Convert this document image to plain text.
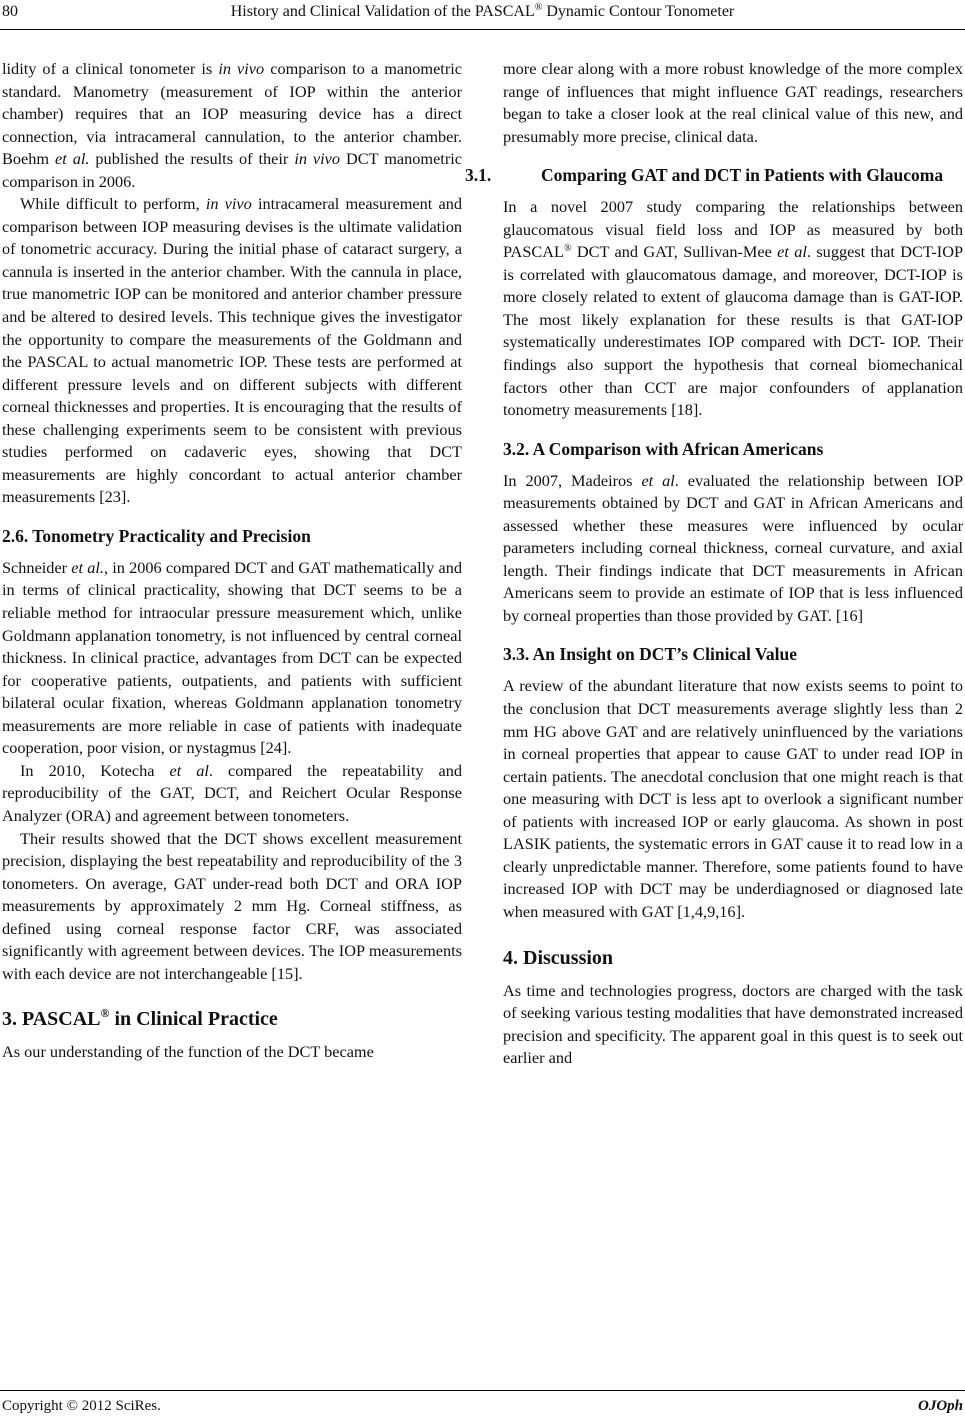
80	History and Clinical Validation of the PASCAL® Dynamic Contour Tonometer

lidity of a clinical tonometer is in vivo comparison to a manometric standard. Manometry (measurement of IOP within the anterior chamber) requires that an IOP measuring device has a direct connection, via intracameral cannulation, to the anterior chamber. Boehm et al. published the results of their in vivo DCT manometric comparison in 2006.

While difficult to perform, in vivo intracameral measurement and comparison between IOP measuring devises is the ultimate validation of tonometric accuracy. During the initial phase of cataract surgery, a cannula is inserted in the anterior chamber. With the cannula in place, true manometric IOP can be monitored and anterior chamber pressure and be altered to desired levels. This technique gives the investigator the opportunity to compare the measurements of the Goldmann and the PASCAL to actual manometric IOP. These tests are performed at different pressure levels and on different subjects with different corneal thicknesses and properties. It is encouraging that the results of these challenging experiments seem to be consistent with previous studies performed on cadaveric eyes, showing that DCT measurements are highly concordant to actual anterior chamber measurements [23].

2.6. Tonometry Practicality and Precision

Schneider et al., in 2006 compared DCT and GAT mathematically and in terms of clinical practicality, showing that DCT seems to be a reliable method for intraocular pressure measurement which, unlike Goldmann applanation tonometry, is not influenced by central corneal thickness. In clinical practice, advantages from DCT can be expected for cooperative patients, outpatients, and patients with sufficient bilateral ocular fixation, whereas Goldmann applanation tonometry measurements are more reliable in case of patients with inadequate cooperation, poor vision, or nystagmus [24].

In 2010, Kotecha et al. compared the repeatability and reproducibility of the GAT, DCT, and Reichert Ocular Response Analyzer (ORA) and agreement between tonometers.

Their results showed that the DCT shows excellent measurement precision, displaying the best repeatability and reproducibility of the 3 tonometers. On average, GAT under-read both DCT and ORA IOP measurements by approximately 2 mm Hg. Corneal stiffness, as defined using corneal response factor CRF, was associated significantly with agreement between devices. The IOP measurements with each device are not interchangeable [15].

3. PASCAL® in Clinical Practice

As our understanding of the function of the DCT became

more clear along with a more robust knowledge of the more complex range of influences that might influence GAT readings, researchers began to take a closer look at the real clinical value of this new, and presumably more precise, clinical data.

3.1.	Comparing GAT and DCT in Patients with Glaucoma

In a novel 2007 study comparing the relationships between glaucomatous visual field loss and IOP as measured by both PASCAL® DCT and GAT, Sullivan-Mee et al. suggest that DCT-IOP is correlated with glaucomatous damage, and moreover, DCT-IOP is more closely related to extent of glaucoma damage than is GAT-IOP. The most likely explanation for these results is that GAT-IOP systematically underestimates IOP compared with DCT- IOP. Their findings also support the hypothesis that corneal biomechanical factors other than CCT are major confounders of applanation tonometry measurements [18].

3.2. A Comparison with African Americans

In 2007, Madeiros et al. evaluated the relationship between IOP measurements obtained by DCT and GAT in African Americans and assessed whether these measures were influenced by ocular parameters including corneal thickness, corneal curvature, and axial length. Their findings indicate that DCT measurements in African Americans seem to provide an estimate of IOP that is less influenced by corneal properties than those provided by GAT. [16]

3.3. An Insight on DCT’s Clinical Value

A review of the abundant literature that now exists seems to point to the conclusion that DCT measurements average slightly less than 2 mm HG above GAT and are relatively uninfluenced by the variations in corneal properties that appear to cause GAT to under read IOP in certain patients. The anecdotal conclusion that one might reach is that one measuring with DCT is less apt to overlook a significant number of patients with increased IOP or early glaucoma. As shown in post LASIK patients, the systematic errors in GAT cause it to read low in a clearly unpredictable manner. Therefore, some patients found to have increased IOP with DCT may be underdiagnosed or diagnosed late when measured with GAT [1,4,9,16].

4. Discussion

As time and technologies progress, doctors are charged with the task of seeking various testing modalities that have demonstrated increased precision and specificity. The apparent goal in this quest is to seek out earlier and

Copyright © 2012 SciRes.	OJOph
